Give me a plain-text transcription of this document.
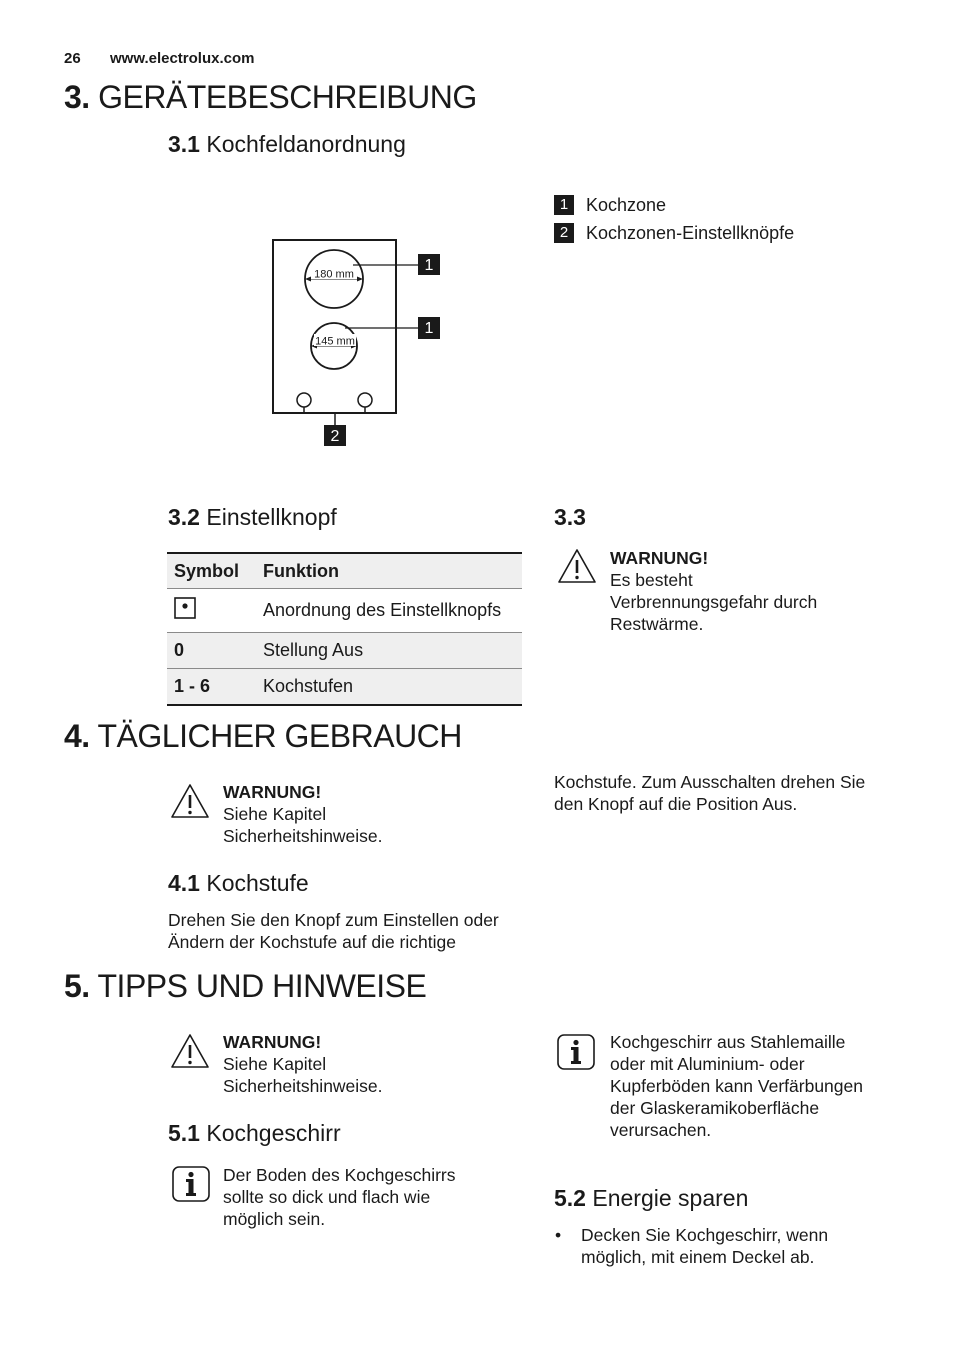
26 www.electrolux.com
3. GERÄTEBESCHREIBUNG
3.1 Kochfeldanordnung
180 mm
145 mm
1
1
2
1 Kochzone
2 Kochzonen-Einstellknöpfe
3.2 Einstellknopf
Symbol	Funktion
	Anordnung des Einstellknopfs
0	Stellung Aus
1 - 6	Kochstufen
3.3
WARNUNG!
Es besteht Verbrennungsgefahr durch Restwärme.
4. TÄGLICHER GEBRAUCH
WARNUNG!
Siehe Kapitel Sicherheitshinweise.
4.1 Kochstufe
Drehen Sie den Knopf zum Einstellen oder Ändern der Kochstufe auf die richtige
Kochstufe. Zum Ausschalten drehen Sie den Knopf auf die Position Aus.
5. TIPPS UND HINWEISE
WARNUNG!
Siehe Kapitel Sicherheitshinweise.
5.1 Kochgeschirr
Der Boden des Kochgeschirrs sollte so dick und flach wie möglich sein.
Kochgeschirr aus Stahlemaille oder mit Aluminium- oder Kupferböden kann Verfärbungen der Glaskeramikoberfläche verursachen.
5.2 Energie sparen
• Decken Sie Kochgeschirr, wenn möglich, mit einem Deckel ab.
